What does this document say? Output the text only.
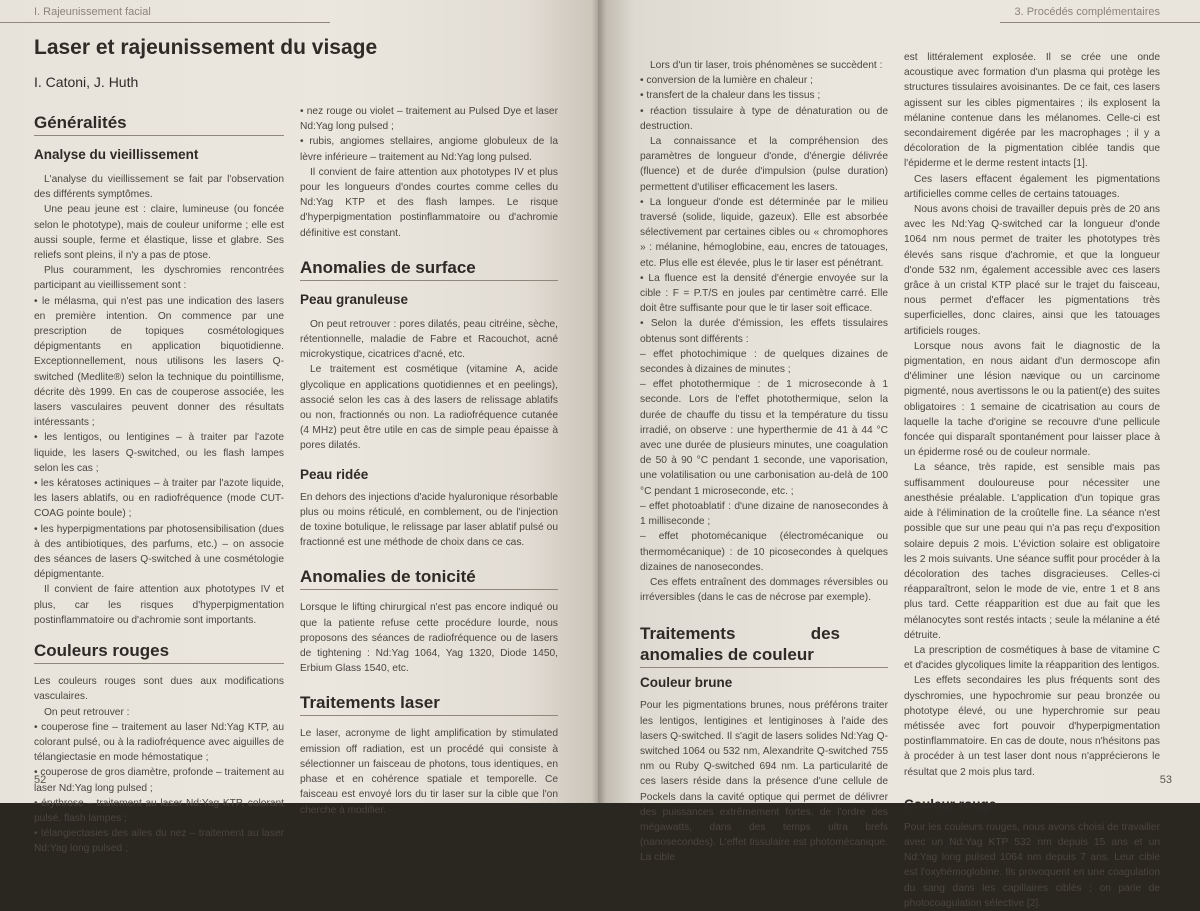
I. Rajeunissement facial
Laser et rajeunissement du visage
I. Catoni, J. Huth
Généralités
Analyse du vieillissement

L'analyse du vieillissement se fait par l'observation des différents symptômes.

Une peau jeune est : claire, lumineuse (ou foncée selon le phototype), mais de couleur uniforme ; elle est aussi souple, ferme et élastique, lisse et glabre. Ses reliefs sont pleins, il n'y a pas de ptose.

Plus couramment, les dyschromies rencontrées participant au vieillissement sont :

• le mélasma, qui n'est pas une indication des lasers en première intention. On commence par une prescription de topiques cosmétologiques dépigmentants en application biquotidienne. Exceptionnellement, nous utilisons les lasers Q-switched (Medlite®) selon la technique du pointillisme, décrite dès 1999. En cas de couperose associée, les lasers vasculaires peuvent donner des résultats intéressants ;

• les lentigos, ou lentigines – à traiter par l'azote liquide, les lasers Q-switched, ou les flash lampes selon les cas ;

• les kératoses actiniques – à traiter par l'azote liquide, les lasers ablatifs, ou en radiofréquence (mode CUT-COAG pointe boule) ;

• les hyperpigmentations par photosensibilisation (dues à des antibiotiques, des parfums, etc.) – on associe des séances de lasers Q-switched à une cosmétologie dépigmentante.

Il convient de faire attention aux phototypes IV et plus, car les risques d'hyperpigmentation postinflammatoire ou d'achromie sont importants.

Couleurs rouges

Les couleurs rouges sont dues aux modifications vasculaires.

On peut retrouver :

• couperose fine – traitement au laser Nd:Yag KTP, au colorant pulsé, ou à la radiofréquence avec aiguilles de télangiectasie en mode hémostatique ;

• couperose de gros diamètre, profonde – traitement au laser Nd:Yag long pulsed ;

• érythrose – traitement au laser Nd:Yag KTP, colorant pulsé, flash lampes ;

• télangiectasies des ailes du nez – traitement au laser Nd:Yag long pulsed ;

• nez rouge ou violet – traitement au Pulsed Dye et laser Nd:Yag long pulsed ;

• rubis, angiomes stellaires, angiome globuleux de la lèvre inférieure – traitement au Nd:Yag long pulsed.

Il convient de faire attention aux phototypes IV et plus pour les longueurs d'ondes courtes comme celles du Nd:Yag KTP et des flash lampes. Le risque d'hyperpigmentation postinflammatoire ou d'achromie définitive est constant.

Anomalies de surface
Peau granuleuse

On peut retrouver : pores dilatés, peau citréine, sèche, rétentionnelle, maladie de Fabre et Racouchot, acné microkystique, cicatrices d'acné, etc.

Le traitement est cosmétique (vitamine A, acide glycolique en applications quotidiennes et en peelings), associé selon les cas à des lasers de relissage ablatifs ou non, fractionnés ou non. La radiofréquence cutanée (4 MHz) peut être utile en cas de simple peau épaisse à pores dilatés.

Peau ridée

En dehors des injections d'acide hyaluronique résorbable plus ou moins réticulé, en comblement, ou de l'injection de toxine botulique, le relissage par laser ablatif pulsé ou fractionné est une méthode de choix dans ce cas.

Anomalies de tonicité

Lorsque le lifting chirurgical n'est pas encore indiqué ou que la patiente refuse cette procédure lourde, nous proposons des séances de radiofréquence ou de lasers de tightening : Nd:Yag 1064, Yag 1320, Diode 1450, Erbium Glass 1540, etc.

Traitements laser

Le laser, acronyme de light amplification by stimulated emission off radiation, est un procédé qui consiste à sélectionner un faisceau de photons, tous identiques, en phase et en cohérence spatiale et temporelle. Ce faisceau est envoyé lors du tir laser sur la cible que l'on cherche à modifier.

52
3. Procédés complémentaires

Lors d'un tir laser, trois phénomènes se succèdent :

• conversion de la lumière en chaleur ;

• transfert de la chaleur dans les tissus ;

• réaction tissulaire à type de dénaturation ou de destruction.

La connaissance et la compréhension des paramètres de longueur d'onde, d'énergie délivrée (fluence) et de durée d'impulsion (pulse duration) permettent d'utiliser efficacement les lasers.

• La longueur d'onde est déterminée par le milieu traversé (solide, liquide, gazeux). Elle est absorbée sélectivement par certaines cibles ou « chromophores » : mélanine, hémoglobine, eau, encres de tatouages, etc. Plus elle est élevée, plus le tir laser est pénétrant.

• La fluence est la densité d'énergie envoyée sur la cible : F = P.T/S en joules par centimètre carré. Elle doit être suffisante pour que le tir laser soit efficace.

• Selon la durée d'émission, les effets tissulaires obtenus sont différents :

– effet photochimique : de quelques dizaines de secondes à dizaines de minutes ;

– effet photothermique : de 1 microseconde à 1 seconde. Lors de l'effet photothermique, selon la durée de chauffe du tissu et la température du tissu irradié, on observe : une hyperthermie de 41 à 44 °C avec une durée de plusieurs minutes, une coagulation de 50 à 90 °C pendant 1 seconde, une vaporisation, une volatilisation ou une carbonisation au-delà de 100 °C pendant 1 microseconde, etc. ;

– effet photoablatif : d'une dizaine de nanosecondes à 1 milliseconde ;

– effet photomécanique (électromécanique ou thermomécanique) : de 10 picosecondes à quelques dizaines de nanosecondes.

Ces effets entraînent des dommages réversibles ou irréversibles (dans le cas de nécrose par exemple).

Traitements des anomalies de couleur
Couleur brune

Pour les pigmentations brunes, nous préférons traiter les lentigos, lentigines et lentiginoses à l'aide des lasers Q-switched. Il s'agit de lasers solides Nd:Yag Q-switched 1064 ou 532 nm, Alexandrite Q-switched 755 nm ou Ruby Q-switched 694 nm. La particularité de ces lasers réside dans la présence d'une cellule de Pockels dans la cavité optique qui permet de délivrer des puissances extrêmement fortes, de l'ordre des mégawatts, dans des temps ultra brefs (nanosecondes). L'effet tissulaire est photomécanique. La cible

est littéralement explosée. Il se crée une onde acoustique avec formation d'un plasma qui protège les structures tissulaires avoisinantes. De ce fait, ces lasers agissent sur les cibles pigmentaires ; ils explosent la mélanine contenue dans les mélanomes. Celle-ci est secondairement digérée par les macrophages ; il y a décoloration de la pigmentation ciblée tandis que l'épiderme et le derme restent intacts [1].

Ces lasers effacent également les pigmentations artificielles comme celles de certains tatouages.

Nous avons choisi de travailler depuis près de 20 ans avec les Nd:Yag Q-switched car la longueur d'onde 1064 nm nous permet de traiter les phototypes très élevés sans risque d'achromie, et que la longueur d'onde 532 nm, également accessible avec ces lasers grâce à un cristal KTP placé sur le trajet du faisceau, nous permet d'effacer les pigmentations très superficielles, donc claires, ainsi que les tatouages artificiels rouges.

Lorsque nous avons fait le diagnostic de la pigmentation, en nous aidant d'un dermoscope afin d'éliminer une lésion nævique ou un carcinome pigmenté, nous avertissons le ou la patient(e) des suites obligatoires : 1 semaine de cicatrisation au cours de laquelle la tache d'origine se recouvre d'une pellicule foncée qui disparaît spontanément pour laisser place à un épiderme rosé ou de couleur normale.

La séance, très rapide, est sensible mais pas suffisamment douloureuse pour nécessiter une anesthésie préalable. L'application d'un topique gras aide à l'élimination de la croûtelle fine. La séance n'est possible que sur une peau qui n'a pas reçu d'exposition solaire depuis 2 mois. L'éviction solaire est obligatoire les 2 mois suivants. Une séance suffit pour procéder à la décoloration des taches disgracieuses. Celles-ci réapparaîtront, selon le mode de vie, entre 1 et 8 ans plus tard. Cette réapparition est due au fait que les mélanocytes sont restés intacts ; seule la mélanine a été détruite.

La prescription de cosmétiques à base de vitamine C et d'acides glycoliques limite la réapparition des lentigos.

Les effets secondaires les plus fréquents sont des dyschromies, une hypochromie sur peau bronzée ou phototype élevé, ou une hyperchromie sur peau métissée avec fort pouvoir d'hyperpigmentation postinflammatoire. En cas de doute, nous n'hésitons pas à procéder à un test laser dont nous n'apprécierons le résultat que 2 mois plus tard.

Couleur rouge

Pour les couleurs rouges, nous avons choisi de travailler avec un Nd:Yag KTP 532 nm depuis 15 ans et un Nd:Yag long pulsed 1064 nm depuis 7 ans. Leur cible est l'oxyhémoglobine. Ils provoquent en une coagulation du sang dans les capillaires ciblés ; on parle de photocoagulation sélective [2].

53
